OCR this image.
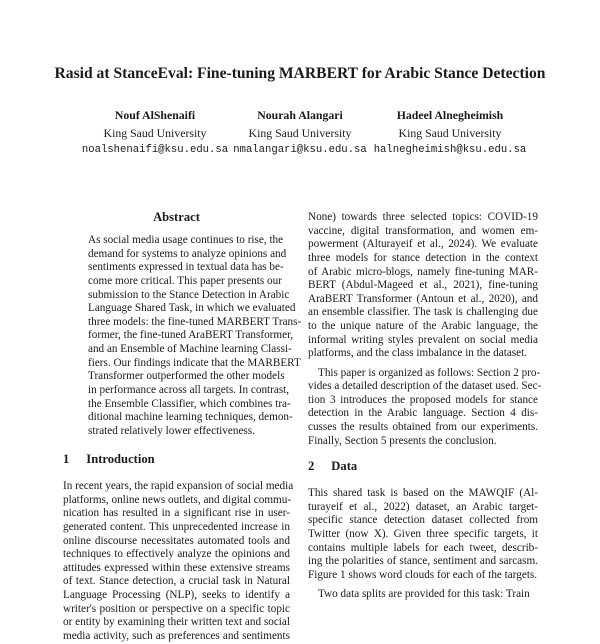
Rasid at StanceEval: Fine-tuning MARBERT for Arabic Stance Detection
Nouf AlShenaifi
King Saud University
noalshenaifi@ksu.edu.sa
Nourah Alangari
King Saud University
nmalangari@ksu.edu.sa
Hadeel Alnegheimish
King Saud University
halnegheimish@ksu.edu.sa
Abstract
As social media usage continues to rise, the
demand for systems to analyze opinions and
sentiments expressed in textual data has be-
come more critical. This paper presents our
submission to the Stance Detection in Arabic
Language Shared Task, in which we evaluated
three models: the fine-tuned MARBERT Trans-
former, the fine-tuned AraBERT Transformer,
and an Ensemble of Machine learning Classi-
fiers. Our findings indicate that the MARBERT
Transformer outperformed the other models
in performance across all targets. In contrast,
the Ensemble Classifier, which combines tra-
ditional machine learning techniques, demon-
strated relatively lower effectiveness.
1 Introduction
In recent years, the rapid expansion of social media
platforms, online news outlets, and digital commu-
nication has resulted in a significant rise in user-
generated content. This unprecedented increase in
online discourse necessitates automated tools and
techniques to effectively analyze the opinions and
attitudes expressed within these extensive streams
of text. Stance detection, a crucial task in Natural
Language Processing (NLP), seeks to identify a
writer's position or perspective on a specific topic
or entity by examining their written text and social
media activity, such as preferences and sentiments
None) towards three selected topics: COVID-19
vaccine, digital transformation, and women em-
powerment (Alturayeif et al., 2024). We evaluate
three models for stance detection in the context
of Arabic micro-blogs, namely fine-tuning MAR-
BERT (Abdul-Mageed et al., 2021), fine-tuning
AraBERT Transformer (Antoun et al., 2020), and
an ensemble classifier. The task is challenging due
to the unique nature of the Arabic language, the
informal writing styles prevalent on social media
platforms, and the class imbalance in the dataset.
This paper is organized as follows: Section 2 pro-
vides a detailed description of the dataset used. Sec-
tion 3 introduces the proposed models for stance
detection in the Arabic language. Section 4 dis-
cusses the results obtained from our experiments.
Finally, Section 5 presents the conclusion.
2 Data
This shared task is based on the MAWQIF (Al-
turayeif et al., 2022) dataset, an Arabic target-
specific stance detection dataset collected from
Twitter (now X). Given three specific targets, it
contains multiple labels for each tweet, describ-
ing the polarities of stance, sentiment and sarcasm.
Figure 1 shows word clouds for each of the targets.
Two data splits are provided for this task: Train
